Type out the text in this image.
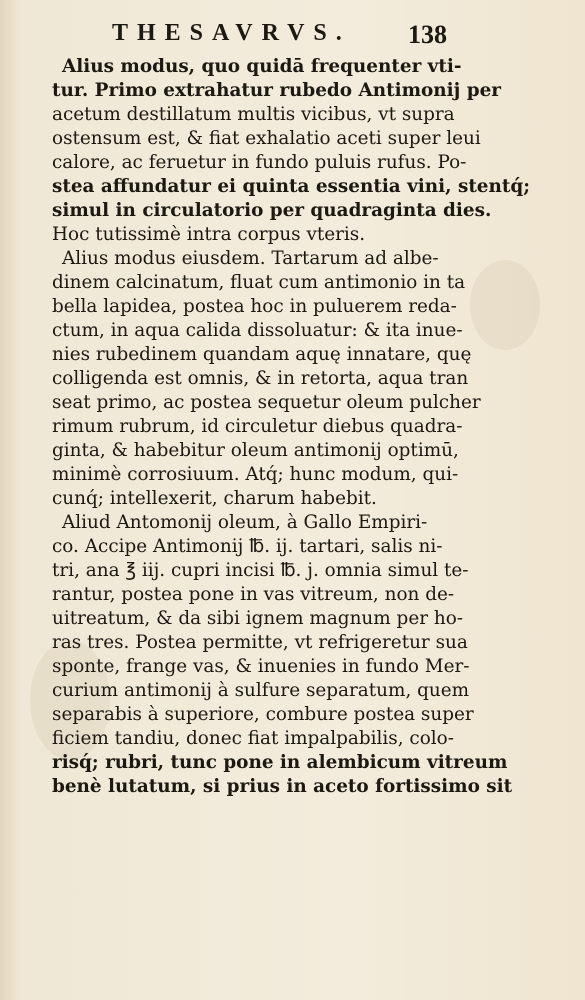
THESAVRVS. 138
Alius modus, quo quidā frequenter vti-
tur. Primo extrahatur rubedo Antimonij per
acetum destillatum multis vicibus, vt supra
ostensum est, & fiat exhalatio aceti super leui
calore, ac feruetur in fundo puluis rufus. Po-
stea affundatur ei quinta essentia vini, stentq́;
simul in circulatorio per quadraginta dies.
Hoc tutissimè intra corpus vteris.
Alius modus eiusdem. Tartarum ad albe-
dinem calcinatum, fluat cum antimonio in ta
bella lapidea, postea hoc in puluerem reda-
ctum, in aqua calida dissoluatur: & ita inue-
nies rubedinem quandam aquę innatare, quę
colligenda est omnis, & in retorta, aqua tran
seat primo, ac postea sequetur oleum pulcher
rimum rubrum, id circuletur diebus quadra-
ginta, & habebitur oleum antimonij optimū,
minimè corrosiuum. Atq́; hunc modum, qui-
cunq́; intellexerit, charum habebit.
Aliud Antomonij oleum, à Gallo Empiri-
co. Accipe Antimonij ℔. ij. tartari, salis ni-
tri, ana ℥ iij. cupri incisi ℔. j. omnia simul te-
rantur, postea pone in vas vitreum, non de-
uitreatum, & da sibi ignem magnum per ho-
ras tres. Postea permitte, vt refrigeretur sua
sponte, frange vas, & inuenies in fundo Mer-
curium antimonij à sulfure separatum, quem
separabis à superiore, combure postea super
ficiem tandiu, donec fiat impalpabilis, colo-
risq́; rubri, tunc pone in alembicum vitreum
benè lutatum, si prius in aceto fortissimo sit
